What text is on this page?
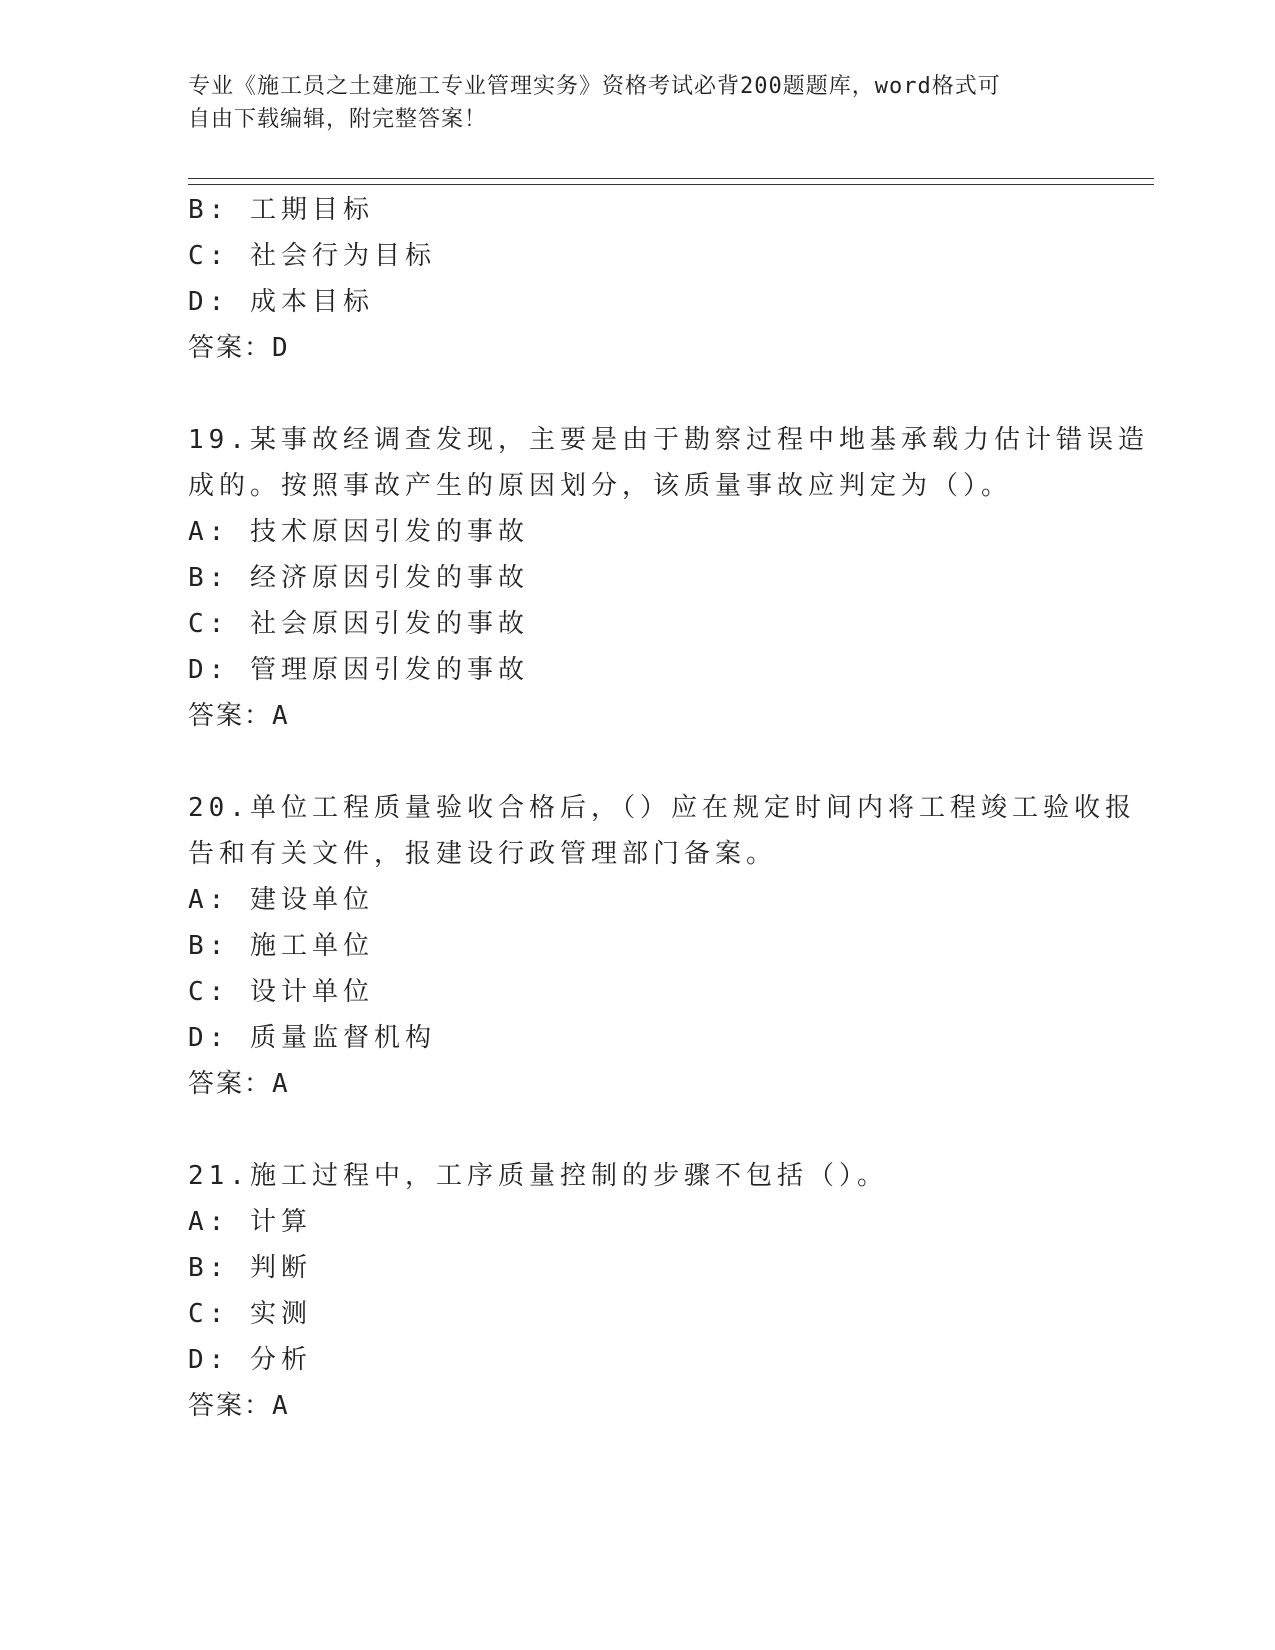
专业《施工员之土建施工专业管理实务》资格考试必背200题题库，word格式可
自由下载编辑，附完整答案！
B: 工期目标
C: 社会行为目标
D: 成本目标
答案：D
19.某事故经调查发现，主要是由于勘察过程中地基承载力估计错误造
成的。按照事故产生的原因划分，该质量事故应判定为（）。
A: 技术原因引发的事故
B: 经济原因引发的事故
C: 社会原因引发的事故
D: 管理原因引发的事故
答案：A
20.单位工程质量验收合格后，（）应在规定时间内将工程竣工验收报
告和有关文件，报建设行政管理部门备案。
A: 建设单位
B: 施工单位
C: 设计单位
D: 质量监督机构
答案：A
21.施工过程中，工序质量控制的步骤不包括（）。
A: 计算
B: 判断
C: 实测
D: 分析
答案：A
